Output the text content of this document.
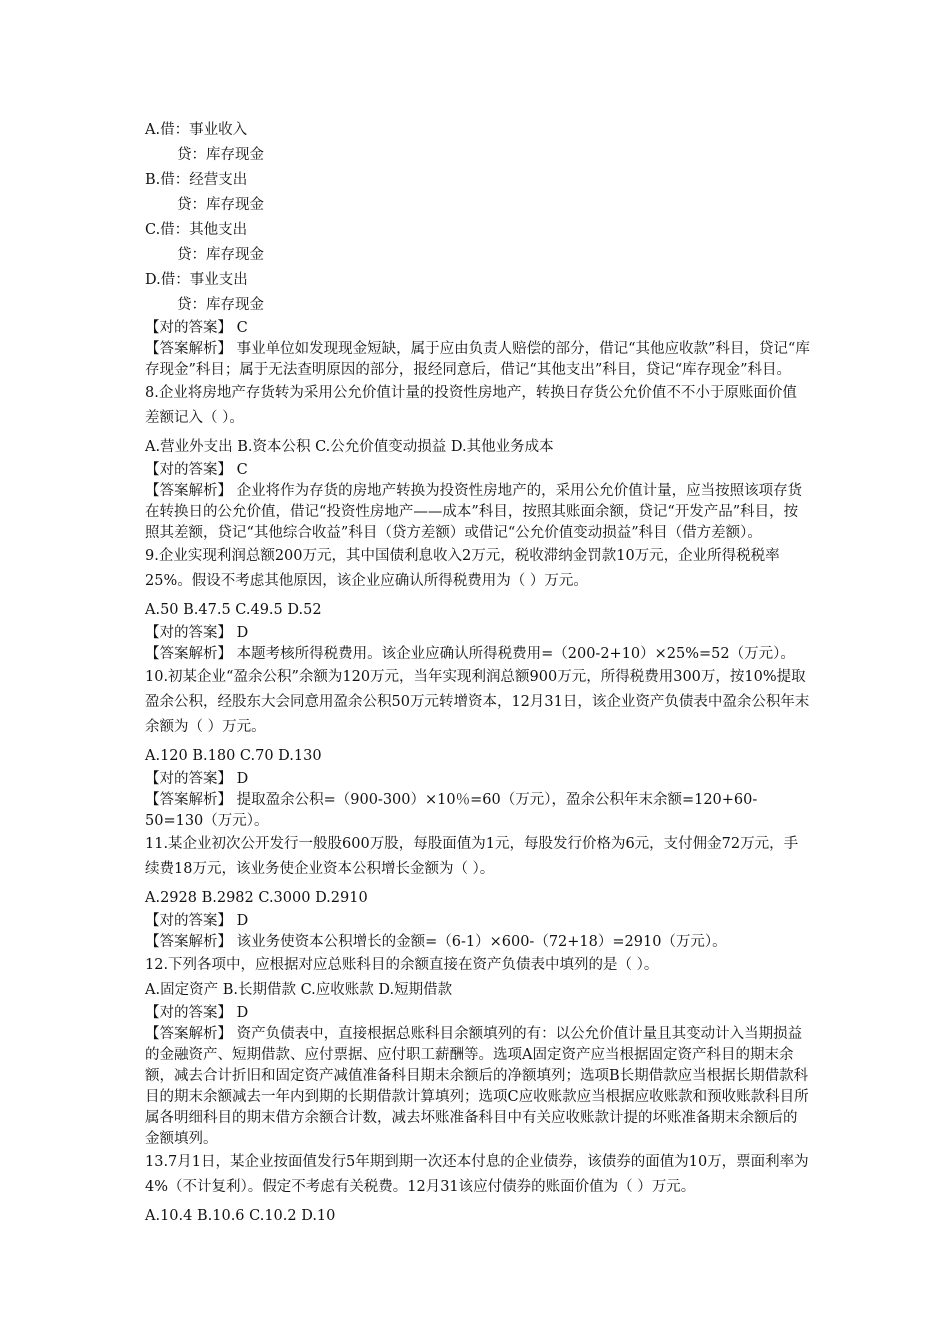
A.借：事业收入

贷：库存现金

B.借：经营支出

贷：库存现金

C.借：其他支出

贷：库存现金

D.借：事业支出

贷：库存现金

【对的答案】 C

【答案解析】 事业单位如发现现金短缺，属于应由负责人赔偿的部分，借记“其他应收款”科目，贷记“库存现金”科目；属于无法查明原因的部分，报经同意后，借记“其他支出”科目，贷记“库存现金”科目。

8.企业将房地产存货转为采用公允价值计量的投资性房地产，转换日存货公允价值不不小于原账面价值差额记入（ ）。

A.营业外支出 B.资本公积 C.公允价值变动损益 D.其他业务成本

【对的答案】 C

【答案解析】 企业将作为存货的房地产转换为投资性房地产的，采用公允价值计量，应当按照该项存货在转换日的公允价值，借记“投资性房地产——成本”科目，按照其账面余额，贷记“开发产品”科目，按照其差额，贷记“其他综合收益”科目（贷方差额）或借记“公允价值变动损益”科目（借方差额）。

9.企业实现利润总额200万元，其中国债利息收入2万元，税收滞纳金罚款10万元，企业所得税税率25%。假设不考虑其他原因，该企业应确认所得税费用为（ ）万元。

A.50 B.47.5 C.49.5 D.52

【对的答案】 D

【答案解析】 本题考核所得税费用。该企业应确认所得税费用=（200-2+10）×25%=52（万元）。

10.初某企业“盈余公积”余额为120万元，当年实现利润总额900万元，所得税费用300万，按10%提取盈余公积，经股东大会同意用盈余公积50万元转增资本，12月31日，该企业资产负债表中盈余公积年末余额为（ ）万元。

A.120 B.180 C.70 D.130

【对的答案】 D

【答案解析】 提取盈余公积=（900-300）×10％=60（万元），盈余公积年末余额=120+60-50=130（万元）。

11.某企业初次公开发行一般股600万股，每股面值为1元，每股发行价格为6元，支付佣金72万元，手续费18万元，该业务使企业资本公积增长金额为（ ）。

A.2928 B.2982 C.3000 D.2910

【对的答案】 D

【答案解析】 该业务使资本公积增长的金额=（6-1）×600-（72+18）=2910（万元）。

12.下列各项中，应根据对应总账科目的余额直接在资产负债表中填列的是（ ）。

A.固定资产 B.长期借款 C.应收账款 D.短期借款

【对的答案】 D

【答案解析】 资产负债表中，直接根据总账科目余额填列的有：以公允价值计量且其变动计入当期损益的金融资产、短期借款、应付票据、应付职工薪酬等。选项A固定资产应当根据固定资产科目的期末余额，减去合计折旧和固定资产减值准备科目期末余额后的净额填列；选项B长期借款应当根据长期借款科目的期末余额减去一年内到期的长期借款计算填列；选项C应收账款应当根据应收账款和预收账款科目所属各明细科目的期末借方余额合计数，减去坏账准备科目中有关应收账款计提的坏账准备期末余额后的金额填列。

13.7月1日，某企业按面值发行5年期到期一次还本付息的企业债券，该债券的面值为10万，票面利率为4%（不计复利）。假定不考虑有关税费。12月31该应付债券的账面价值为（ ）万元。

A.10.4 B.10.6 C.10.2 D.10
